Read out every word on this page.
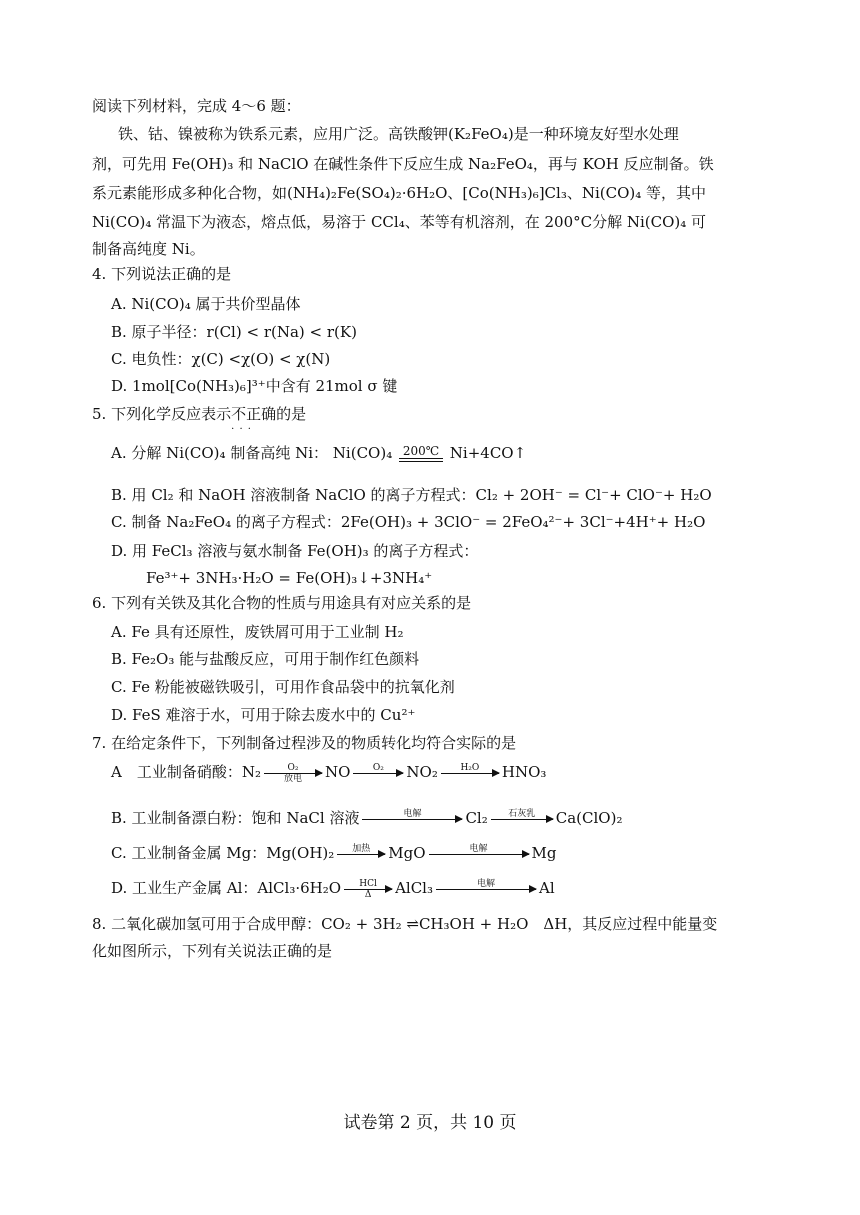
阅读下列材料，完成 4～6 题：
铁、钴、镍被称为铁系元素，应用广泛。高铁酸钾(K₂FeO₄)是一种环境友好型水处理
剂，可先用 Fe(OH)₃ 和 NaClO 在碱性条件下反应生成 Na₂FeO₄，再与 KOH 反应制备。铁
系元素能形成多种化合物，如(NH₄)₂Fe(SO₄)₂·6H₂O、[Co(NH₃)₆]Cl₃、Ni(CO)₄ 等，其中
Ni(CO)₄ 常温下为液态，熔点低，易溶于 CCl₄、苯等有机溶剂，在 200°C分解 Ni(CO)₄ 可
制备高纯度 Ni。
4. 下列说法正确的是
A. Ni(CO)₄ 属于共价型晶体
B. 原子半径：r(Cl) < r(Na) < r(K)
C. 电负性：χ(C) <χ(O) < χ(N)
D. 1mol[Co(NH₃)₆]³⁺中含有 21mol σ 键
5. 下列化学反应表示不正确 · · ·的是
A. 分解 Ni(CO)₄ 制备高纯 Ni： Ni(CO)₄ 200℃ Ni+4CO↑
B. 用 Cl₂ 和 NaOH 溶液制备 NaClO 的离子方程式：Cl₂ + 2OH⁻ = Cl⁻+ ClO⁻+ H₂O
C. 制备 Na₂FeO₄ 的离子方程式：2Fe(OH)₃ + 3ClO⁻ = 2FeO₄²⁻+ 3Cl⁻+4H⁺+ H₂O
D. 用 FeCl₃ 溶液与氨水制备 Fe(OH)₃ 的离子方程式：
Fe³⁺+ 3NH₃·H₂O = Fe(OH)₃↓+3NH₄⁺
6. 下列有关铁及其化合物的性质与用途具有对应关系的是
A. Fe 具有还原性，废铁屑可用于工业制 H₂
B. Fe₂O₃ 能与盐酸反应，可用于制作红色颜料
C. Fe 粉能被磁铁吸引，可用作食品袋中的抗氧化剂
D. FeS 难溶于水，可用于除去废水中的 Cu²⁺
7. 在给定条件下，下列制备过程涉及的物质转化均符合实际的是
A　工业制备硝酸：N₂	O₂
放电	NO	O₂	NO₂	H₂O	HNO₃
B. 工业制备漂白粉：饱和 NaCl 溶液	电解	Cl₂	石灰乳	Ca(ClO)₂
C. 工业制备金属 Mg：Mg(OH)₂	加热	MgO	电解	Mg
D. 工业生产金属 Al：AlCl₃·6H₂O	HCl
Δ	AlCl₃	电解	Al
8. 二氧化碳加氢可用于合成甲醇：CO₂ + 3H₂ ⇌CH₃OH + H₂O　ΔH，其反应过程中能量变
化如图所示，下列有关说法正确的是
试卷第 2 页，共 10 页
